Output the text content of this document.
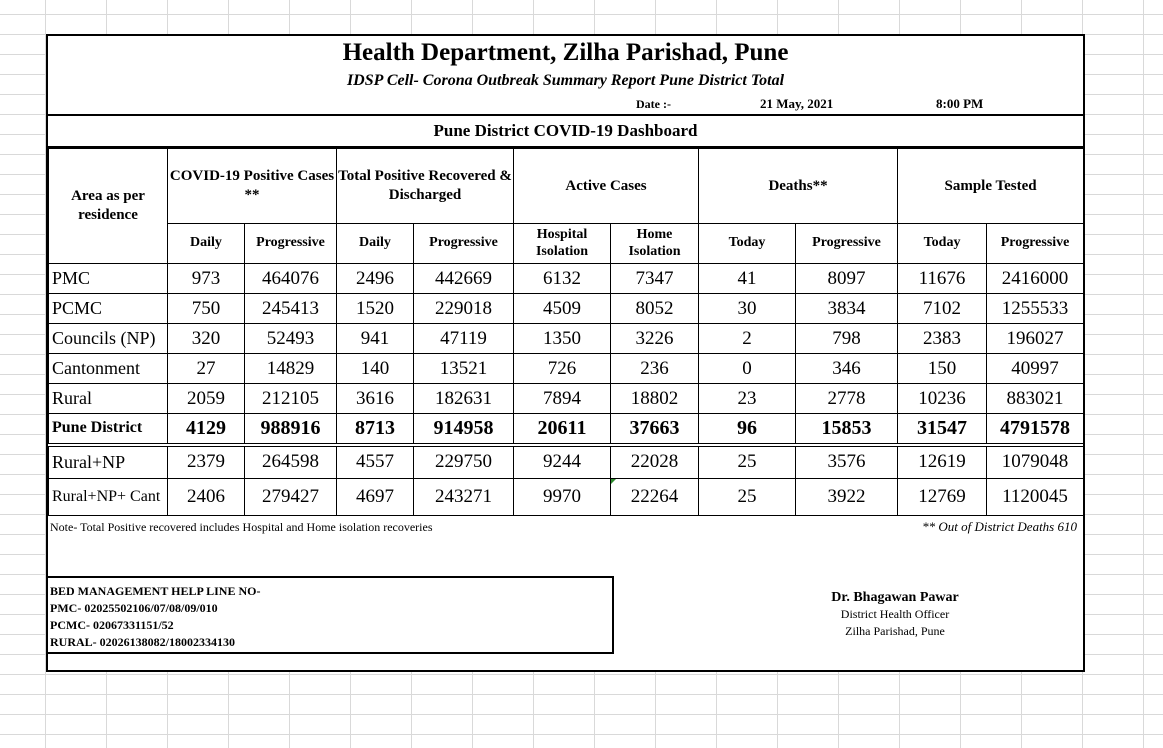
Health Department, Zilha Parishad, Pune
IDSP Cell- Corona Outbreak Summary Report Pune District Total
Date :-	21 May, 2021	8:00 PM
Pune District COVID-19 Dashboard
Area as per residence	COVID-19 Positive Cases **		Total Positive Recovered & Discharged		Active Cases		Deaths**		Sample Tested	
	Daily	Progressive	Daily	Progressive	Hospital Isolation	Home Isolation	Today	Progressive	Today	Progressive
PMC	973	464076	2496	442669	6132	7347	41	8097	11676	2416000
PCMC	750	245413	1520	229018	4509	8052	30	3834	7102	1255533
Councils (NP)	320	52493	941	47119	1350	3226	2	798	2383	196027
Cantonment	27	14829	140	13521	726	236	0	346	150	40997
Rural	2059	212105	3616	182631	7894	18802	23	2778	10236	883021
Pune District	4129	988916	8713	914958	20611	37663	96	15853	31547	4791578
Rural+NP	2379	264598	4557	229750	9244	22028	25	3576	12619	1079048
Rural+NP+ Cant	2406	279427	4697	243271	9970	22264	25	3922	12769	1120045
Note- Total Positive recovered includes Hospital and Home isolation recoveries	** Out of District Deaths 610
BED MANAGEMENT HELP LINE NO-
PMC- 02025502106/07/08/09/010
PCMC- 02067331151/52
RURAL- 02026138082/18002334130
Dr. Bhagawan Pawar
District Health Officer
Zilha Parishad, Pune
